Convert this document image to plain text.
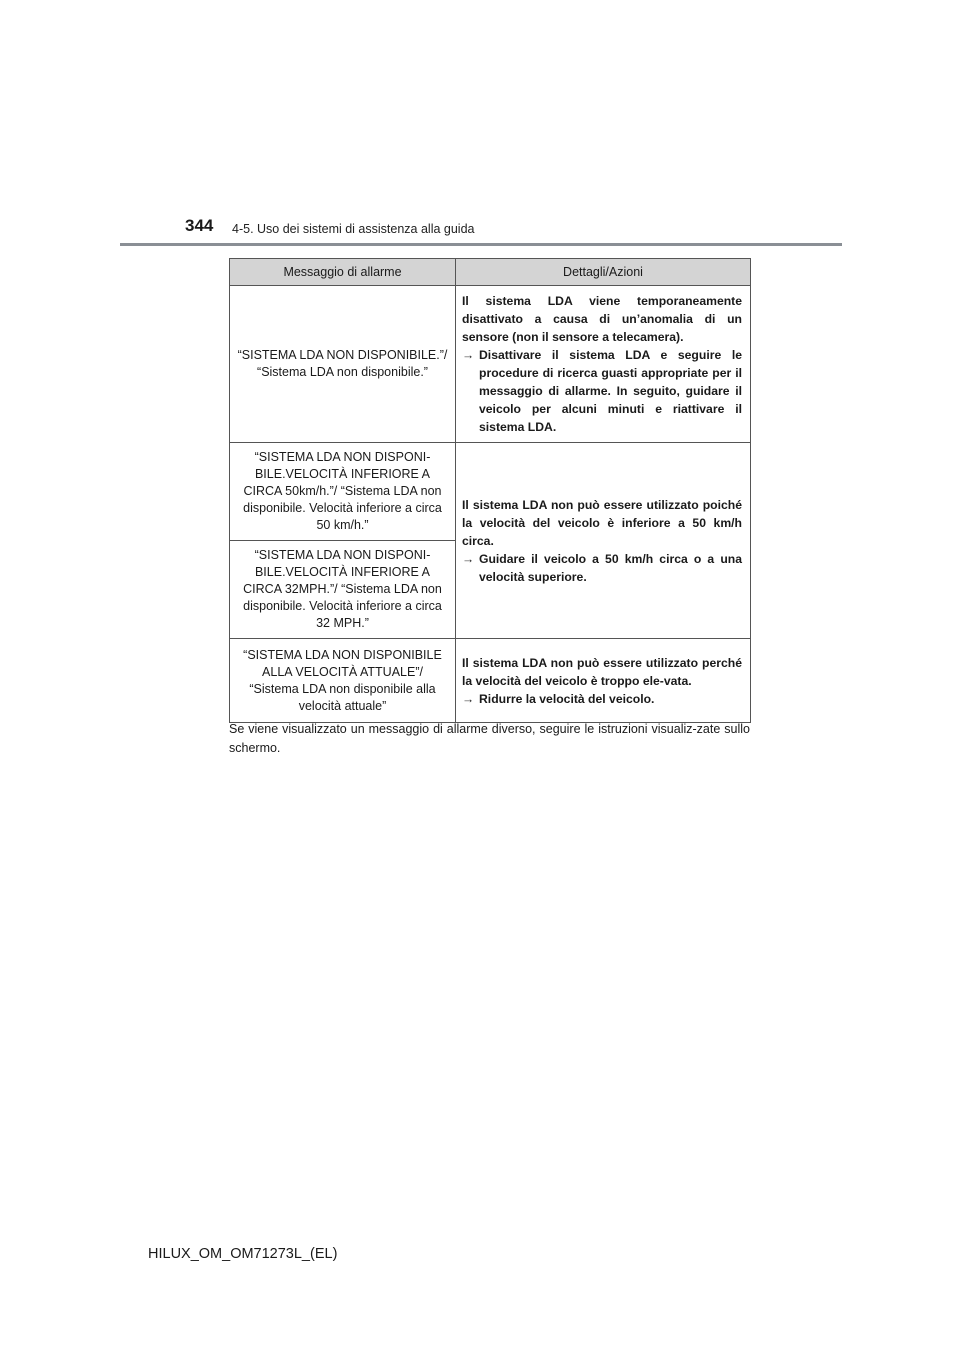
344 4-5. Uso dei sistemi di assistenza alla guida
Messaggio di allarme	Dettagli/Azioni
“SISTEMA LDA NON DISPONIBILE.”/ “Sistema LDA non disponibile.”	Il sistema LDA viene temporaneamente disattivato a causa di un’anomalia di un sensore (non il sensore a telecamera).
→ Disattivare il sistema LDA e seguire le procedure di ricerca guasti appropriate per il messaggio di allarme. In seguito, guidare il veicolo per alcuni minuti e riattivare il sistema LDA.

“SISTEMA LDA NON DISPONI-BILE.VELOCITÀ INFERIORE A CIRCA 50km/h.”/ “Sistema LDA non disponibile. Velocità inferiore a circa 50 km/h.”	Il sistema LDA non può essere utilizzato poiché la velocità del veicolo è inferiore a 50 km/h circa.
→ Guidare il veicolo a 50 km/h circa o a una velocità superiore.

“SISTEMA LDA NON DISPONI-BILE.VELOCITÀ INFERIORE A CIRCA 32MPH.”/ “Sistema LDA non disponibile. Velocità inferiore a circa 32 MPH.”	
“SISTEMA LDA NON DISPONIBILE ALLA VELOCITÀ ATTUALE”/ “Sistema LDA non disponibile alla velocità attuale”	Il sistema LDA non può essere utilizzato perché la velocità del veicolo è troppo ele-vata.
→ Ridurre la velocità del veicolo.
Se viene visualizzato un messaggio di allarme diverso, seguire le istruzioni visualiz-zate sullo schermo.
HILUX_OM_OM71273L_(EL)
